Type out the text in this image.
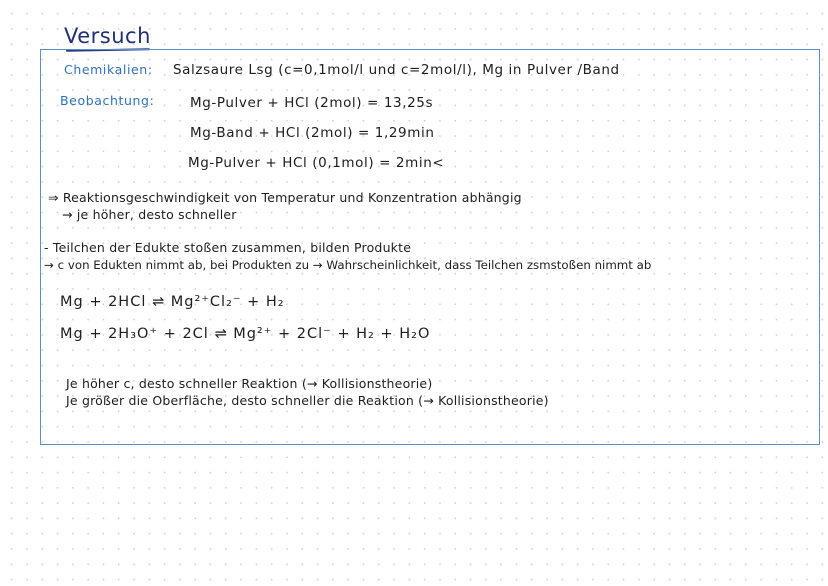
Versuch
Chemikalien: Salzsaure Lsg (c=0,1mol/l und c=2mol/l), Mg in Pulver /Band
Beobachtung:	Mg-Pulver + HCl (2mol) = 13,25s
Mg-Band + HCl (2mol) = 1,29min
Mg-Pulver + HCl (0,1mol) = 2min<
⇒ Reaktionsgeschwindigkeit von Temperatur und Konzentration abhängig
→ je höher, desto schneller
- Teilchen der Edukte stoßen zusammen, bilden Produkte
→ c von Edukten nimmt ab, bei Produkten zu → Wahrscheinlichkeit, dass Teilchen zsmstoßen nimmt ab
Mg + 2HCl ⇌ Mg²⁺Cl₂⁻ + H₂
Mg + 2H₃O⁺ + 2Cl ⇌ Mg²⁺ + 2Cl⁻ + H₂ + H₂O
Je höher c, desto schneller Reaktion (→ Kollisionstheorie)
Je größer die Oberfläche, desto schneller die Reaktion (→ Kollisionstheorie)
